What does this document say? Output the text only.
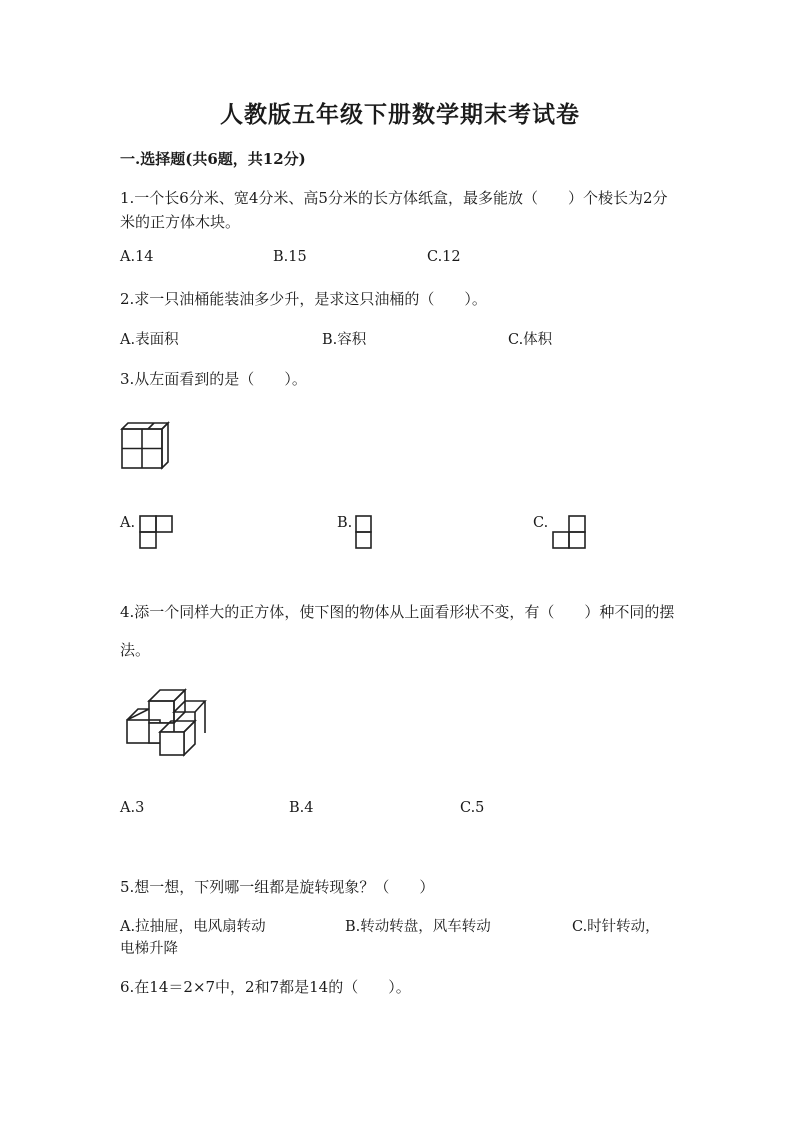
人教版五年级下册数学期末考试卷
一.选择题(共6题，共12分)
1.一个长6分米、宽4分米、高5分米的长方体纸盒，最多能放（　　）个棱长为2分米的正方体木块。
A.14	B.15	C.12
2.求一只油桶能装油多少升，是求这只油桶的（　　）。
A.表面积	B.容积	C.体积
3.从左面看到的是（　　）。
A.	B.	C.
4.添一个同样大的正方体，使下图的物体从上面看形状不变，有（　　）种不同的摆法。
A.3	B.4	C.5
5.想一想，下列哪一组都是旋转现象？（　　）
A.拉抽屉，电风扇转动	B.转动转盘，风车转动	C.时针转动，
电梯升降
6.在14＝2×7中，2和7都是14的（　　）。
